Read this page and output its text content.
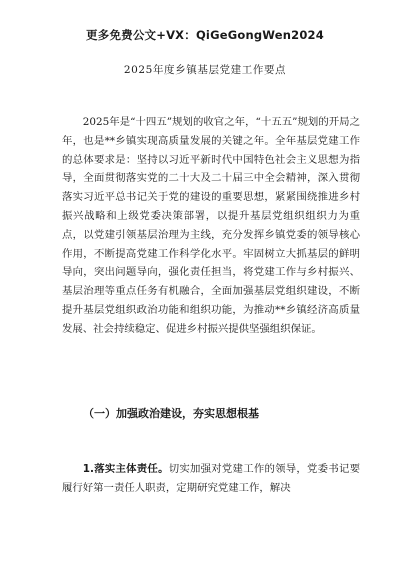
更多免费公文+VX：QiGeGongWen2024
2025年度乡镇基层党建工作要点

2025年是“十四五”规划的收官之年，“十五五”规划的开局之年，也是**乡镇实现高质量发展的关键之年。全年基层党建工作的总体要求是：坚持以习近平新时代中国特色社会主义思想为指导，全面贯彻落实党的二十大及二十届三中全会精神，深入贯彻落实习近平总书记关于党的建设的重要思想，紧紧围绕推进乡村振兴战略和上级党委决策部署，以提升基层党组织组织力为重点，以党建引领基层治理为主线，充分发挥乡镇党委的领导核心作用，不断提高党建工作科学化水平。牢固树立大抓基层的鲜明导向，突出问题导向，强化责任担当，将党建工作与乡村振兴、基层治理等重点任务有机融合，全面加强基层党组织建设，不断提升基层党组织政治功能和组织功能，为推动**乡镇经济高质量发展、社会持续稳定、促进乡村振兴提供坚强组织保证。

（一）加强政治建设，夯实思想根基

1.落实主体责任。切实加强对党建工作的领导，党委书记要履行好第一责任人职责，定期研究党建工作，解决
